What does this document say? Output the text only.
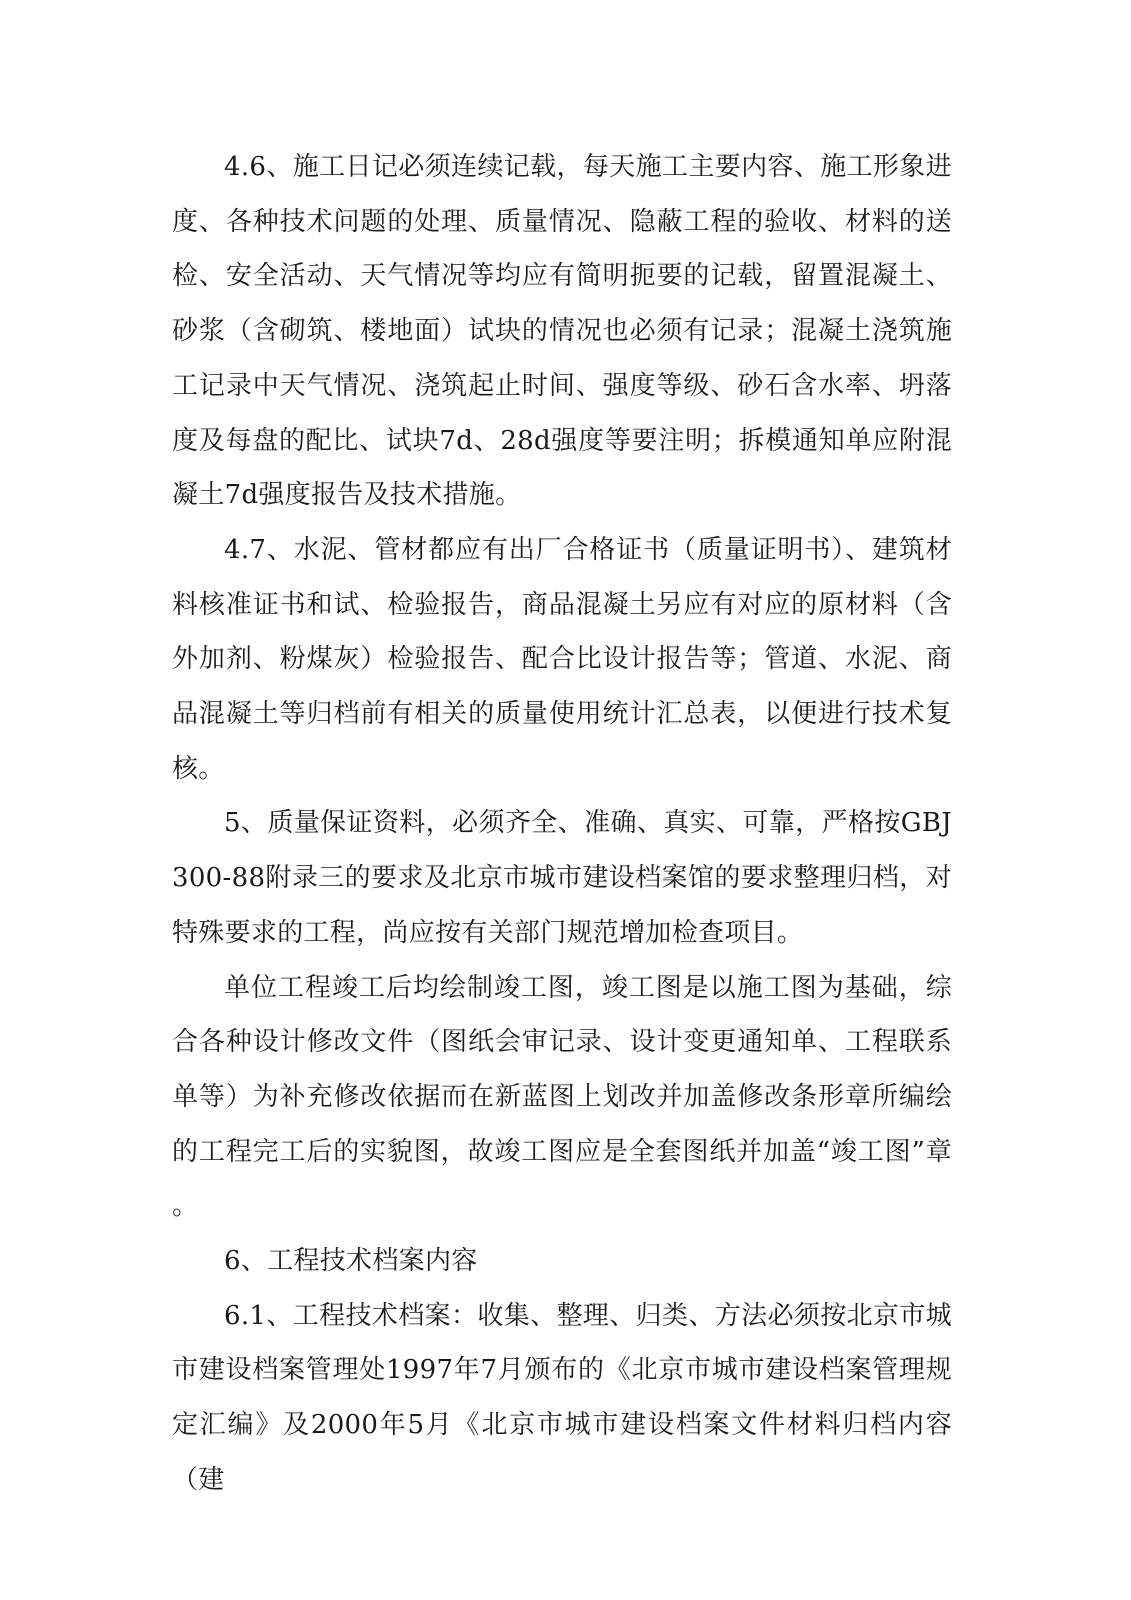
4.6、施工日记必须连续记载，每天施工主要内容、施工形象进度、各种技术问题的处理、质量情况、隐蔽工程的验收、材料的送检、安全活动、天气情况等均应有简明扼要的记载，留置混凝土、砂浆（含砌筑、楼地面）试块的情况也必须有记录；混凝土浇筑施工记录中天气情况、浇筑起止时间、强度等级、砂石含水率、坍落度及每盘的配比、试块7d、28d强度等要注明；拆模通知单应附混凝土7d强度报告及技术措施。

4.7、水泥、管材都应有出厂合格证书（质量证明书）、建筑材料核准证书和试、检验报告，商品混凝土另应有对应的原材料（含外加剂、粉煤灰）检验报告、配合比设计报告等；管道、水泥、商品混凝土等归档前有相关的质量使用统计汇总表，以便进行技术复核。

5、质量保证资料，必须齐全、准确、真实、可靠，严格按GBJ300-88附录三的要求及北京市城市建设档案馆的要求整理归档，对特殊要求的工程，尚应按有关部门规范增加检查项目。

单位工程竣工后均绘制竣工图，竣工图是以施工图为基础，综合各种设计修改文件（图纸会审记录、设计变更通知单、工程联系单等）为补充修改依据而在新蓝图上划改并加盖修改条形章所编绘的工程完工后的实貌图，故竣工图应是全套图纸并加盖“竣工图”章 。

6、工程技术档案内容

6.1、工程技术档案：收集、整理、归类、方法必须按北京市城市建设档案管理处1997年7月颁布的《北京市城市建设档案管理规定汇编》及2000年5月《北京市城市建设档案文件材料归档内容（建
